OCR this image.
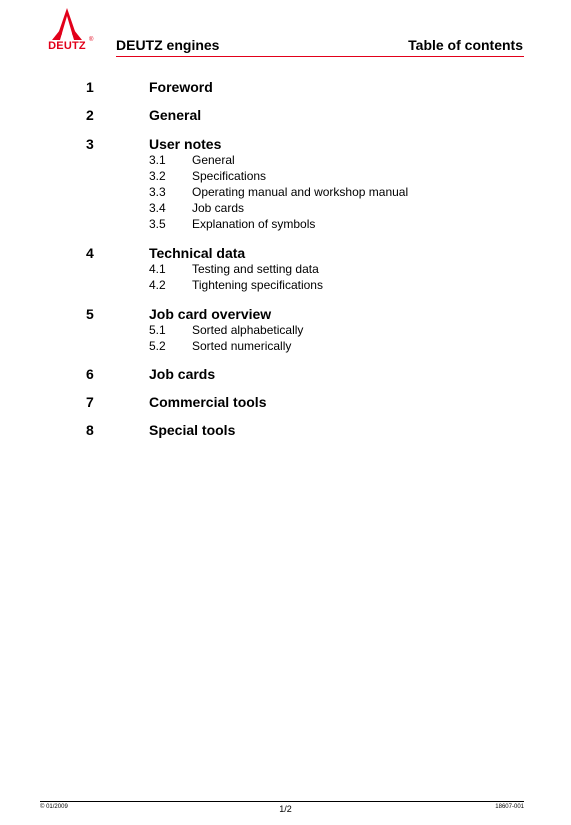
DEUTZ ® DEUTZ engines	Table of contents
1	Foreword
2	General
3	User notes
3.1 General
3.2 Specifications
3.3 Operating manual and workshop manual
3.4 Job cards
3.5 Explanation of symbols
4	Technical data
4.1 Testing and setting data
4.2 Tightening specifications
5	Job card overview
5.1 Sorted alphabetically
5.2 Sorted numerically
6	Job cards
7	Commercial tools
8	Special tools
© 01/2009	1/2	18607-001
